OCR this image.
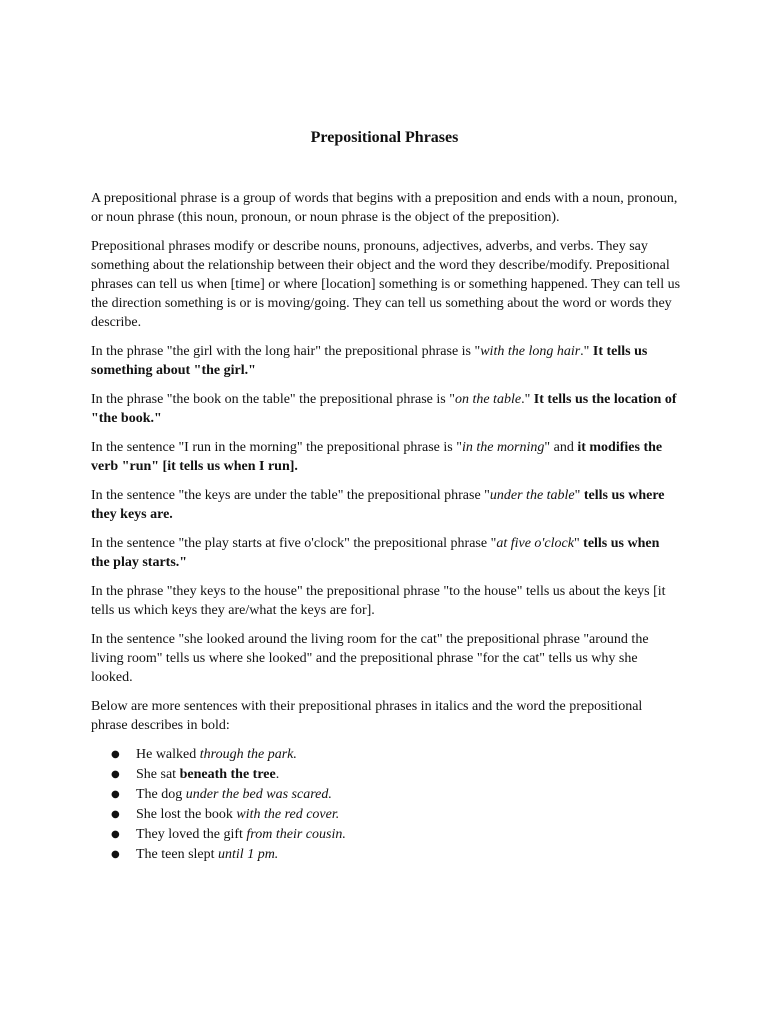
Prepositional Phrases

A prepositional phrase is a group of words that begins with a preposition and ends with a noun, pronoun, or noun phrase (this noun, pronoun, or noun phrase is the object of the preposition).

Prepositional phrases modify or describe nouns, pronouns, adjectives, adverbs, and verbs. They say something about the relationship between their object and the word they describe/modify. Prepositional phrases can tell us when [time] or where [location] something is or something happened. They can tell us the direction something is or is moving/going. They can tell us something about the word or words they describe.

In the phrase "the girl with the long hair" the prepositional phrase is "with the long hair." It tells us something about "the girl."

In the phrase "the book on the table" the prepositional phrase is "on the table." It tells us the location of "the book."

In the sentence "I run in the morning" the prepositional phrase is "in the morning" and it modifies the verb "run" [it tells us when I run].

In the sentence "the keys are under the table" the prepositional phrase "under the table" tells us where they keys are.

In the sentence "the play starts at five o'clock" the prepositional phrase "at five o'clock" tells us when the play starts."

In the phrase "they keys to the house" the prepositional phrase "to the house" tells us about the keys [it tells us which keys they are/what the keys are for].

In the sentence "she looked around the living room for the cat" the prepositional phrase "around the living room" tells us where she looked" and the prepositional phrase "for the cat" tells us why she looked.

Below are more sentences with their prepositional phrases in italics and the word the prepositional phrase describes in bold:

● He walked through the park.
● She sat beneath the tree.
● The dog under the bed was scared.
● She lost the book with the red cover.
● They loved the gift from their cousin.
● The teen slept until 1 pm.
